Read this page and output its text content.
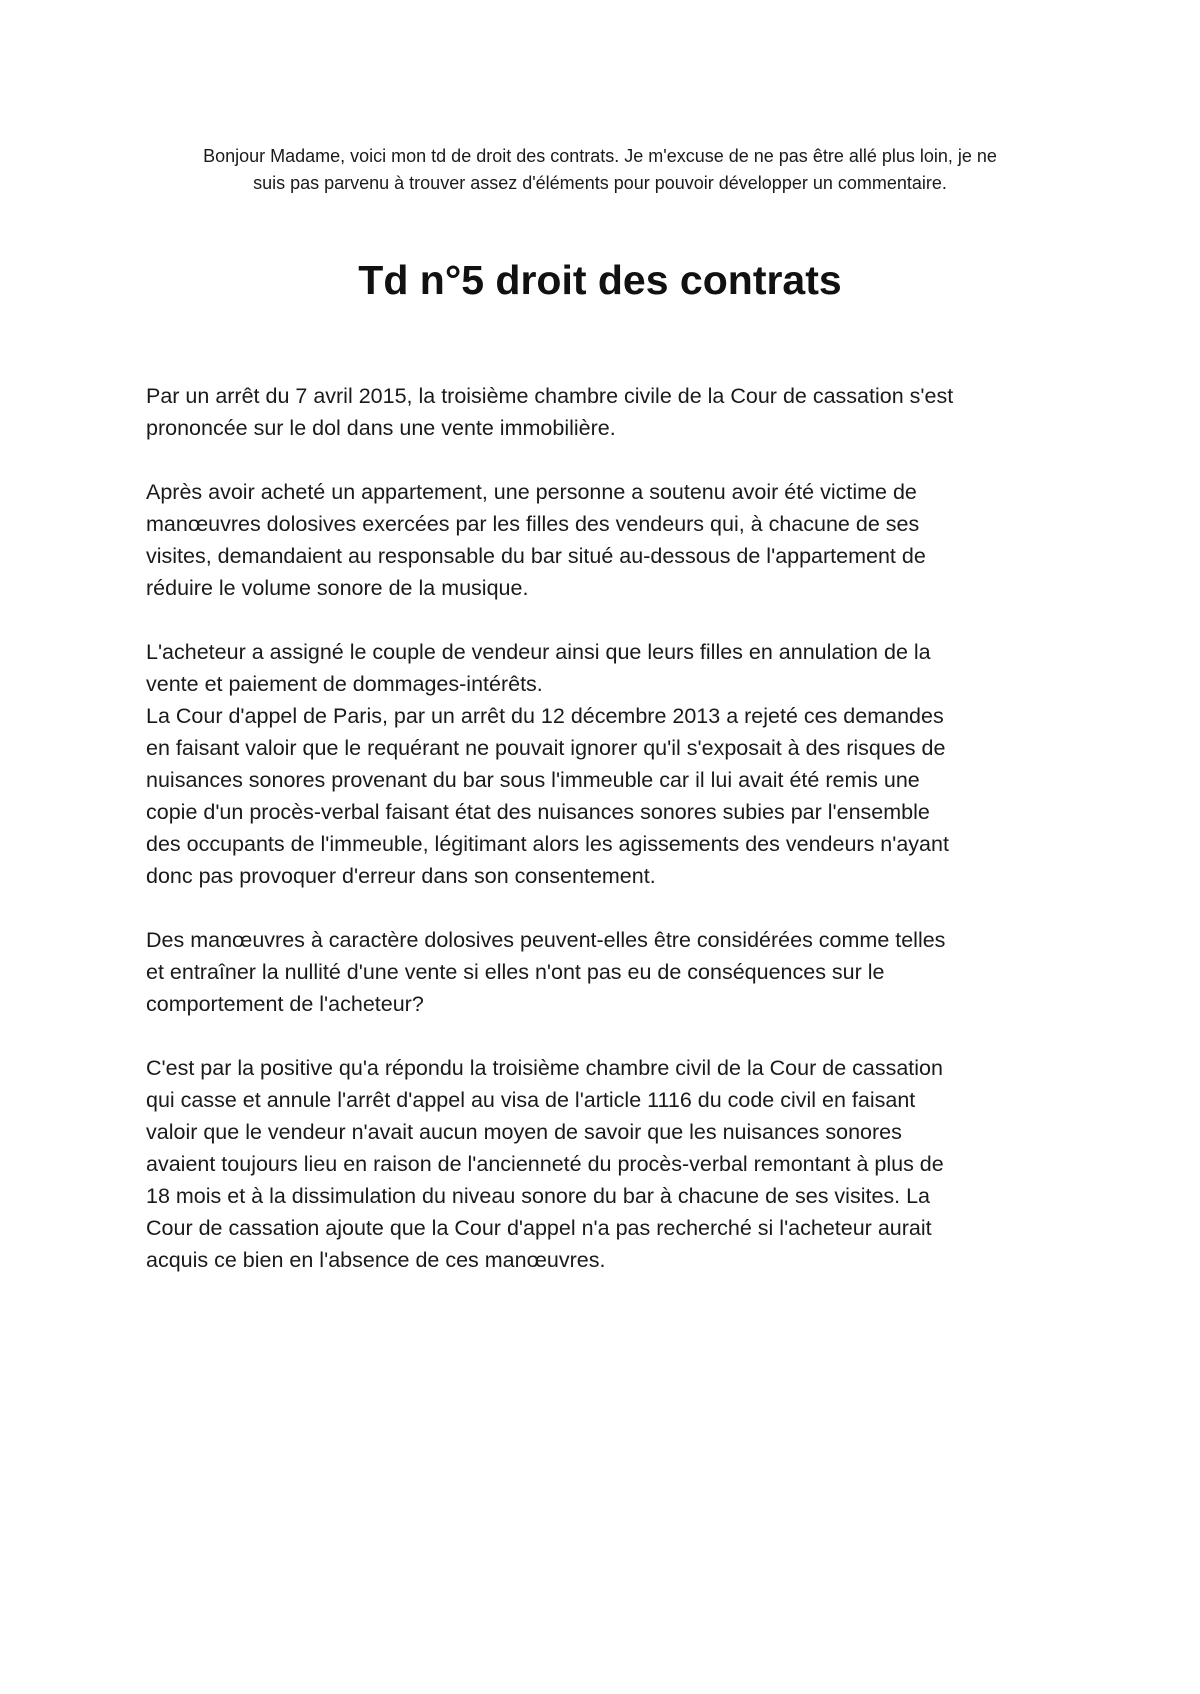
Bonjour Madame, voici mon td de droit des contrats. Je m'excuse de ne pas être allé plus loin, je ne
suis pas parvenu à trouver assez d'éléments pour pouvoir développer un commentaire.

Td n°5 droit des contrats

Par un arrêt du 7 avril 2015, la troisième chambre civile de la Cour de cassation s'est
prononcée sur le dol dans une vente immobilière.

Après avoir acheté un appartement, une personne a soutenu avoir été victime de
manœuvres dolosives exercées par les filles des vendeurs qui, à chacune de ses
visites, demandaient au responsable du bar situé au-dessous de l'appartement de
réduire le volume sonore de la musique.

L'acheteur a assigné le couple de vendeur ainsi que leurs filles en annulation de la
vente et paiement de dommages-intérêts.

La Cour d'appel de Paris, par un arrêt du 12 décembre 2013 a rejeté ces demandes
en faisant valoir que le requérant ne pouvait ignorer qu'il s'exposait à des risques de
nuisances sonores provenant du bar sous l'immeuble car il lui avait été remis une
copie d'un procès-verbal faisant état des nuisances sonores subies par l'ensemble
des occupants de l'immeuble, légitimant alors les agissements des vendeurs n'ayant
donc pas provoquer d'erreur dans son consentement.

Des manœuvres à caractère dolosives peuvent-elles être considérées comme telles
et entraîner la nullité d'une vente si elles n'ont pas eu de conséquences sur le
comportement de l'acheteur?

C'est par la positive qu'a répondu la troisième chambre civil de la Cour de cassation
qui casse et annule l'arrêt d'appel au visa de l'article 1116 du code civil en faisant
valoir que le vendeur n'avait aucun moyen de savoir que les nuisances sonores
avaient toujours lieu en raison de l'ancienneté du procès-verbal remontant à plus de
18 mois et à la dissimulation du niveau sonore du bar à chacune de ses visites. La
Cour de cassation ajoute que la Cour d'appel n'a pas recherché si l'acheteur aurait
acquis ce bien en l'absence de ces manœuvres.
